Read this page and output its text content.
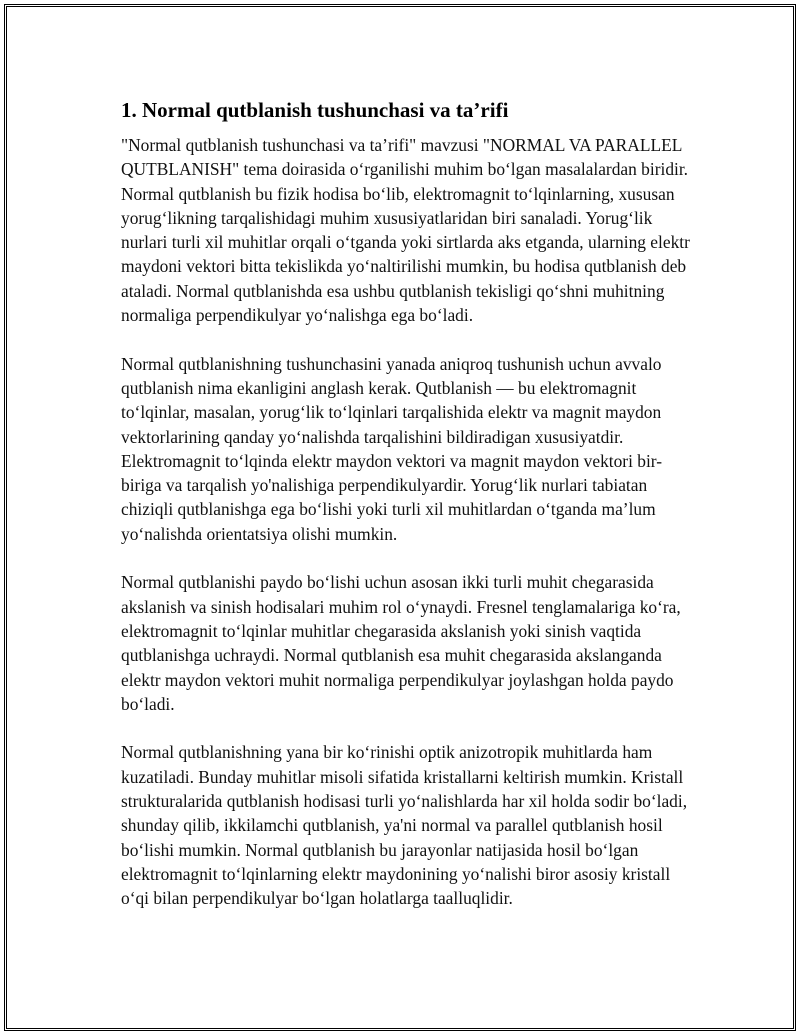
1. Normal qutblanish tushunchasi va ta’rifi

"Normal qutblanish tushunchasi va ta’rifi" mavzusi "NORMAL VA PARALLEL QUTBLANISH" tema doirasida o‘rganilishi muhim bo‘lgan masalalardan biridir. Normal qutblanish bu fizik hodisa bo‘lib, elektromagnit to‘lqinlarning, xususan yorug‘likning tarqalishidagi muhim xususiyatlaridan biri sanaladi. Yorug‘lik nurlari turli xil muhitlar orqali o‘tganda yoki sirtlarda aks etganda, ularning elektr maydoni vektori bitta tekislikda yo‘naltirilishi mumkin, bu hodisa qutblanish deb ataladi. Normal qutblanishda esa ushbu qutblanish tekisligi qo‘shni muhitning normaliga perpendikulyar yo‘nalishga ega bo‘ladi.

Normal qutblanishning tushunchasini yanada aniqroq tushunish uchun avvalo qutblanish nima ekanligini anglash kerak. Qutblanish — bu elektromagnit to‘lqinlar, masalan, yorug‘lik to‘lqinlari tarqalishida elektr va magnit maydon vektorlarining qanday yo‘nalishda tarqalishini bildiradigan xususiyatdir. Elektromagnit to‘lqinda elektr maydon vektori va magnit maydon vektori bir-biriga va tarqalish yo'nalishiga perpendikulyardir. Yorug‘lik nurlari tabiatan chiziqli qutblanishga ega bo‘lishi yoki turli xil muhitlardan o‘tganda ma’lum yo‘nalishda orientatsiya olishi mumkin.

Normal qutblanishi paydo bo‘lishi uchun asosan ikki turli muhit chegarasida akslanish va sinish hodisalari muhim rol o‘ynaydi. Fresnel tenglamalariga ko‘ra, elektromagnit to‘lqinlar muhitlar chegarasida akslanish yoki sinish vaqtida qutblanishga uchraydi. Normal qutblanish esa muhit chegarasida akslanganda elektr maydon vektori muhit normaliga perpendikulyar joylashgan holda paydo bo‘ladi.

Normal qutblanishning yana bir ko‘rinishi optik anizotropik muhitlarda ham kuzatiladi. Bunday muhitlar misoli sifatida kristallarni keltirish mumkin. Kristall strukturalarida qutblanish hodisasi turli yo‘nalishlarda har xil holda sodir bo‘ladi, shunday qilib, ikkilamchi qutblanish, ya'ni normal va parallel qutblanish hosil bo‘lishi mumkin. Normal qutblanish bu jarayonlar natijasida hosil bo‘lgan elektromagnit to‘lqinlarning elektr maydonining yo‘nalishi biror asosiy kristall o‘qi bilan perpendikulyar bo‘lgan holatlarga taalluqlidir.
